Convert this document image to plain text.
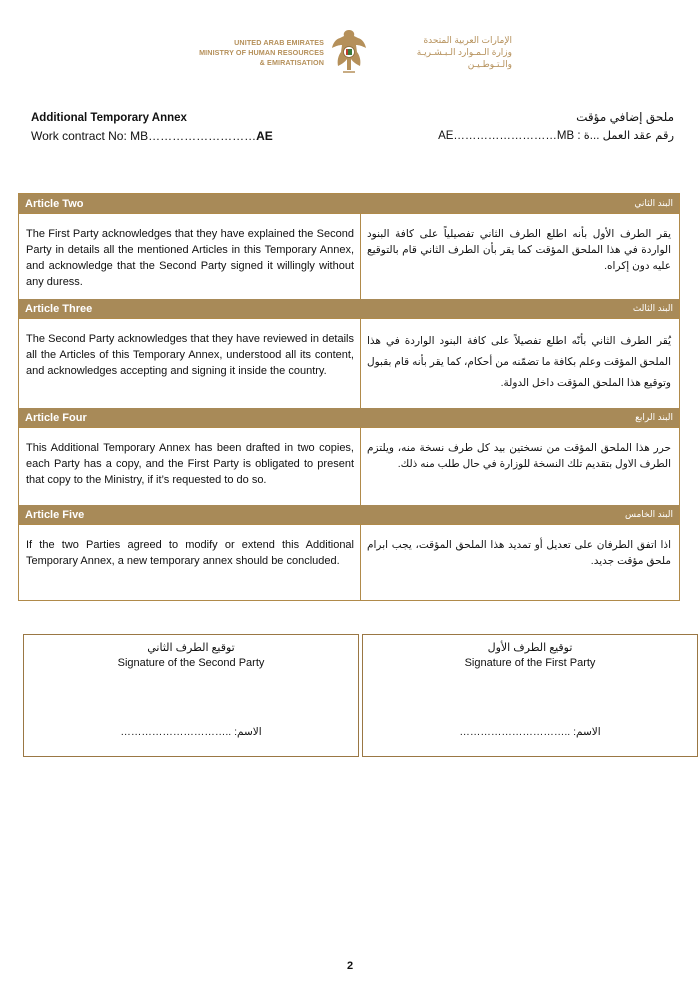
UNITED ARAB EMIRATES
MINISTRY OF HUMAN RESOURCES
& EMIRATISATION
الإمارات العربية المتحدة
وزارة الـمـوارد الـبـشـريـة
والـتـوطـيـن
Additional Temporary Annex
Work contract No: MB………………………AE
ملحق إضافي مؤقت
رقم عقد العمل ...ة : AE………………………MB
Article Two	البند الثاني
The First Party acknowledges that they have explained the Second Party in details all the mentioned Articles in this Temporary Annex, and acknowledge that the Second Party signed it willingly without any duress.
يقر الطرف الأول بأنه اطلع الطرف الثاني تفصيلياً على كافة البنود الواردة في هذا الملحق المؤقت كما يقر بأن الطرف الثاني قام بالتوقيع عليه دون إكراه.
Article Three	البند الثالث
The Second Party acknowledges that they have reviewed in details all the Articles of this Temporary Annex, understood all its content, and acknowledges accepting and signing it inside the country.
يُقر الطرف الثاني بأنّه اطلع تفصيلاً على كافة البنود الواردة في هذا الملحق المؤقت وعلم بكافة ما تضمّنه من أحكام، كما يقر بأنه قام بقبول وتوقيع هذا الملحق المؤقت داخل الدولة.
Article Four	البند الرابع
This Additional Temporary Annex has been drafted in two copies, each Party has a copy, and the First Party is obligated to present that copy to the Ministry, if it’s requested to do so.
حرر هذا الملحق المؤقت من نسختين بيد كل طرف نسخة منه، ويلتزم الطرف الاول بتقديم تلك النسخة للوزارة في حال طلب منه ذلك.
Article Five	البند الخامس
If the two Parties agreed to modify or extend this Additional Temporary Annex, a new temporary annex should be concluded.
اذا اتفق الطرفان على تعديل أو تمديد هذا الملحق المؤقت، يجب ابرام ملحق مؤقت جديد.
توقيع الطرف الثاني
Signature of the Second Party
………………………….. الاسم:
توقيع الطرف الأول
Signature of the First Party
………………………….. الاسم:
2
